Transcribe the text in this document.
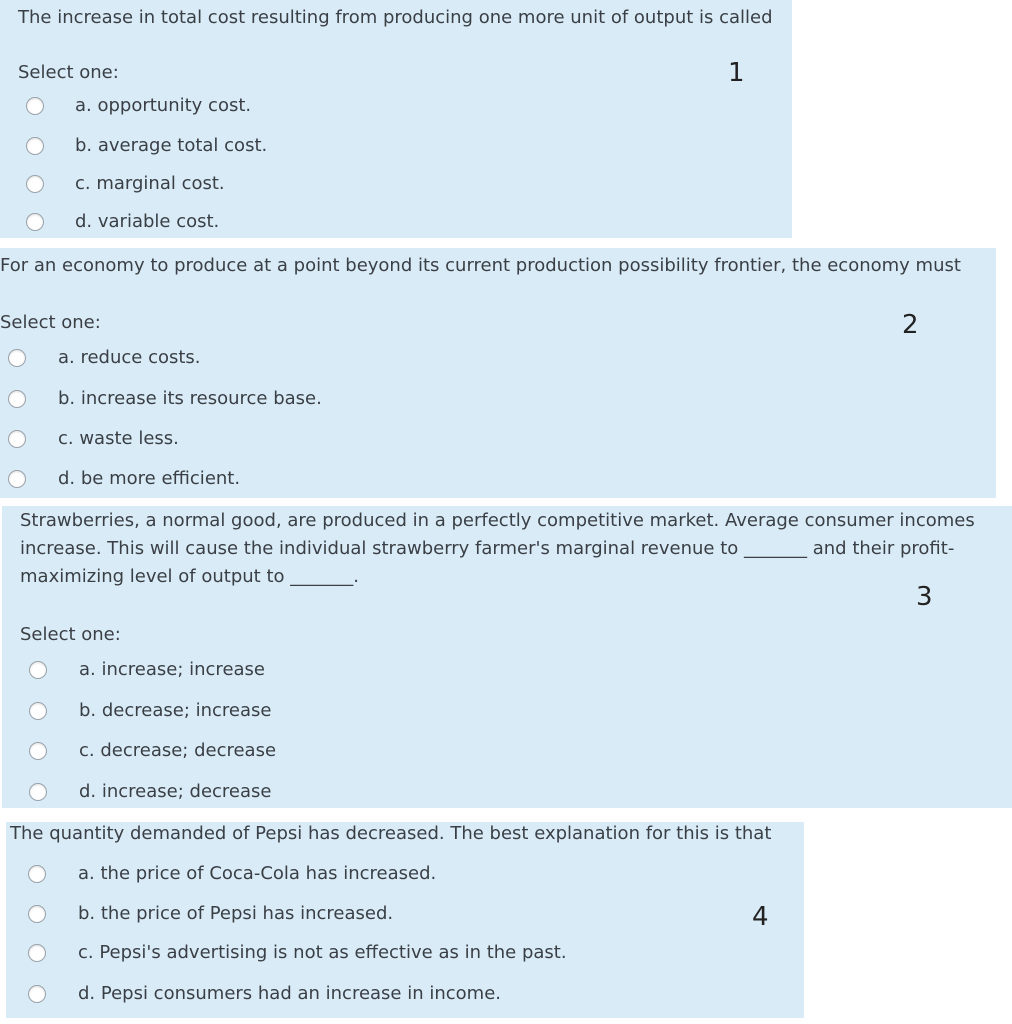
The increase in total cost resulting from producing one more unit of output is called
Select one:	1
a. opportunity cost.
b. average total cost.
c. marginal cost.
d. variable cost.
For an economy to produce at a point beyond its current production possibility frontier, the economy must
Select one:	2
a. reduce costs.
b. increase its resource base.
c. waste less.
d. be more efficient.
Strawberries, a normal good, are produced in a perfectly competitive market. Average consumer incomes
increase. This will cause the individual strawberry farmer's marginal revenue to _______ and their profit-
maximizing level of output to _______.
3
Select one:
a. increase; increase
b. decrease; increase
c. decrease; decrease
d. increase; decrease
The quantity demanded of Pepsi has decreased. The best explanation for this is that
4
a. the price of Coca-Cola has increased.
b. the price of Pepsi has increased.
c. Pepsi's advertising is not as effective as in the past.
d. Pepsi consumers had an increase in income.
